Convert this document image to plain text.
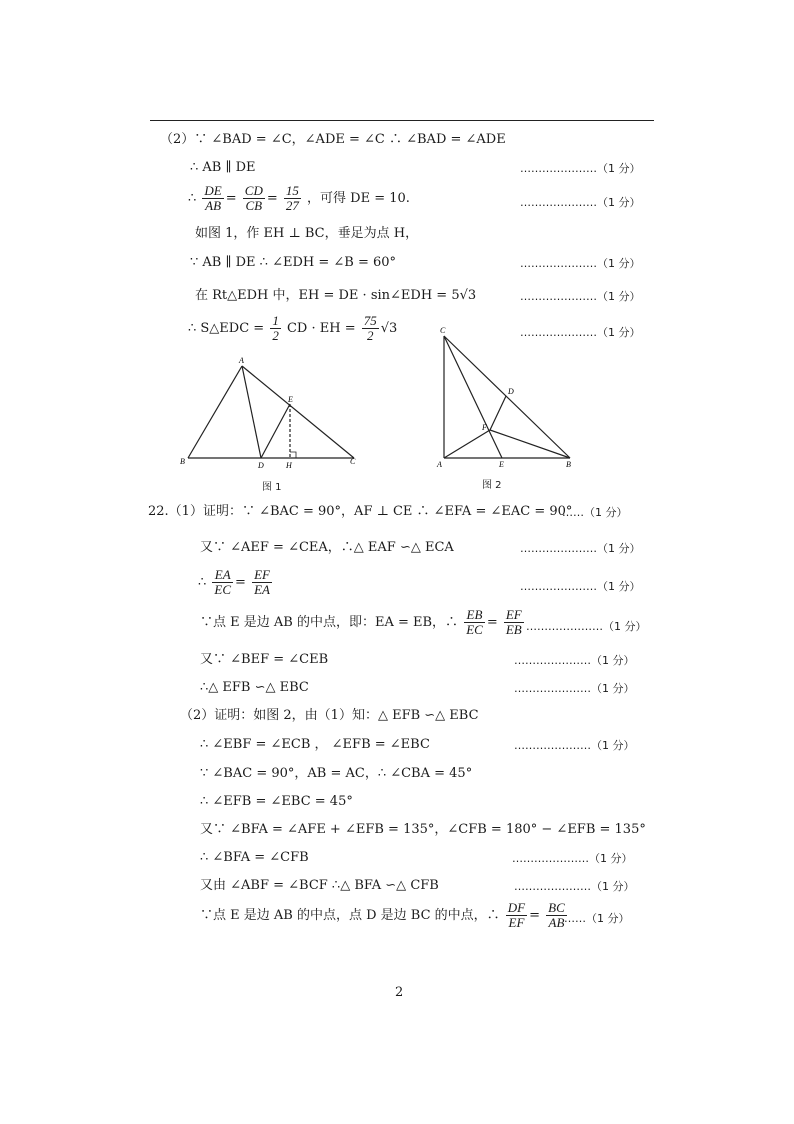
（2）∵ ∠BAD = ∠C，∠ADE = ∠C ∴ ∠BAD = ∠ADE
∴ AB ∥ DE	…………………（1 分）
∴ $\frac{DE}{AB} = \frac{CD}{CB} = \frac{15}{27}$ ，可得 DE = 10.	…………………（1 分）
如图 1，作 EH ⊥ BC，垂足为点 H，
∵ AB ∥ DE ∴ ∠EDH = ∠B = 60°	…………………（1 分）
在 Rt△EDH 中，EH = DE · sin∠EDH = 5√3	…………………（1 分）
∴ S△EDC = $\frac{1}{2}$ CD · EH = $\frac{75}{2} √3$	…………………（1 分）
A
B	C
D
E
H
图 1
C
A	B
D
E
F
图 2
22.（1）证明：∵ ∠BAC = 90°，AF ⊥ CE ∴ ∠EFA = ∠EAC = 90°
……（1 分）
又∵ ∠AEF = ∠CEA，∴△ EAF ∽△ ECA	…………………（1 分）
∴ $\frac{EA}{EC} = \frac{EF}{EA}$	…………………（1 分）
∵点 E 是边 AB 的中点，即：EA = EB，∴ $\frac{EB}{EC} = \frac{EF}{EB}$ …………………（1 分）
又∵ ∠BEF = ∠CEB	…………………（1 分）
∴△ EFB ∽△ EBC	…………………（1 分）
（2）证明：如图 2，由（1）知：△ EFB ∽△ EBC
∴ ∠EBF = ∠ECB ， ∠EFB = ∠EBC	…………………（1 分）
∵ ∠BAC = 90°，AB = AC，∴ ∠CBA = 45°
∴ ∠EFB = ∠EBC = 45°
又∵ ∠BFA = ∠AFE + ∠EFB = 135°，∠CFB = 180° − ∠EFB = 135°
∴ ∠BFA = ∠CFB	…………………（1 分）
又由 ∠ABF = ∠BCF ∴△ BFA ∽△ CFB	…………………（1 分）
∵点 E 是边 AB 的中点，点 D 是边 BC 的中点，∴ $\frac{DF}{EF} = \frac{BC}{AB}$
……（1 分）
2
